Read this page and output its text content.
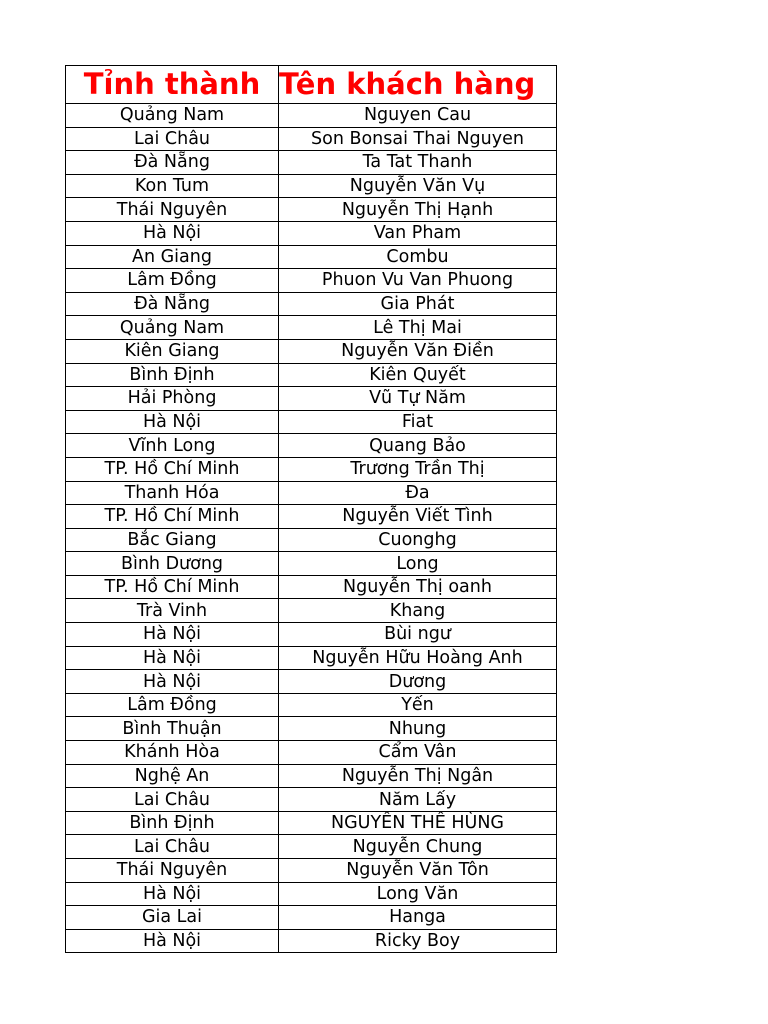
Tỉnh thành	Tên khách hàng
Quảng Nam	Nguyen Cau
Lai Châu	Son Bonsai Thai Nguyen
Đà Nẵng	Ta Tat Thanh
Kon Tum	Nguyễn Văn Vụ
Thái Nguyên	Nguyễn Thị Hạnh
Hà Nội	Van Pham
An Giang	Combu
Lâm Đồng	Phuon Vu Van Phuong
Đà Nẵng	Gia Phát
Quảng Nam	Lê Thị Mai
Kiên Giang	Nguyễn Văn Điền
Bình Định	Kiên Quyết
Hải Phòng	Vũ Tự Năm
Hà Nội	Fiat
Vĩnh Long	Quang Bảo
TP. Hồ Chí Minh	Trương Trần Thị
Thanh Hóa	Đa
TP. Hồ Chí Minh	Nguyễn Viết Tình
Bắc Giang	Cuonghg
Bình Dương	Long
TP. Hồ Chí Minh	Nguyễn Thị oanh
Trà Vinh	Khang
Hà Nội	Bùi ngư
Hà Nội	Nguyễn Hữu Hoàng Anh
Hà Nội	Dương
Lâm Đồng	Yến
Bình Thuận	Nhung
Khánh Hòa	Cẩm Vân
Nghệ An	Nguyễn Thị Ngân
Lai Châu	Năm Lấy
Bình Định	NGUYỄN THẾ HÙNG
Lai Châu	Nguyễn Chung
Thái Nguyên	Nguyễn Văn Tôn
Hà Nội	Long Văn
Gia Lai	Hanga
Hà Nội	Ricky Boy
